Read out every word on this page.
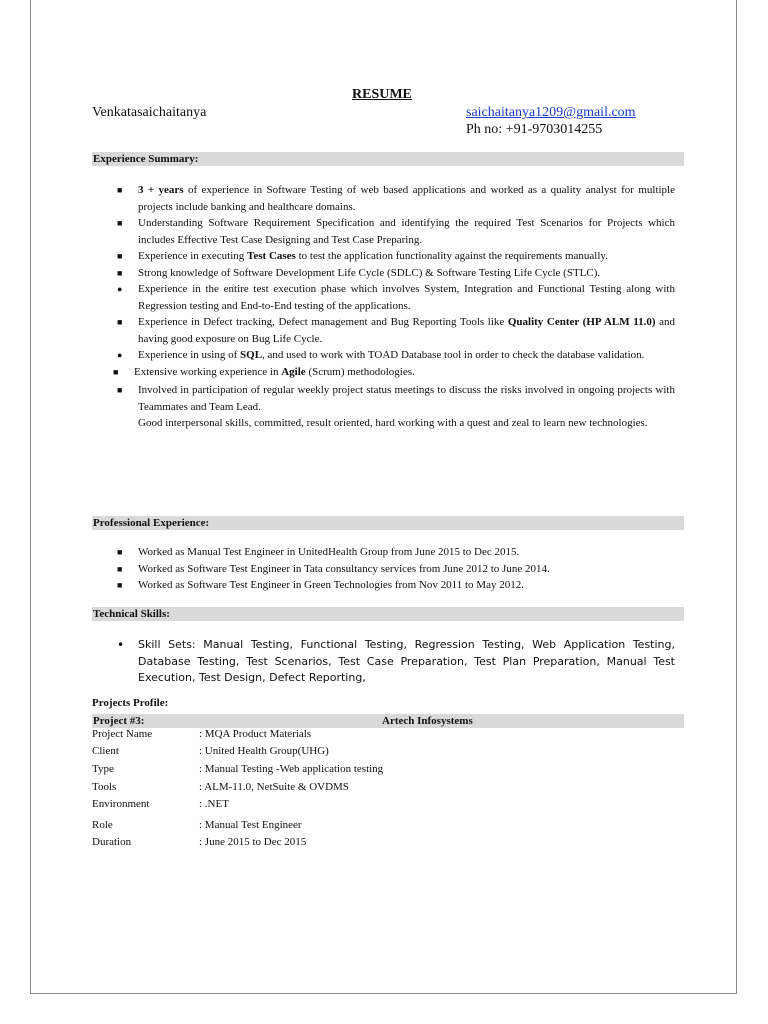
RESUME
Venkatasaichaitanya	saichaitanya1209@gmail.com
Ph no: +91-9703014255
Experience Summary:
■ 3 + years of experience in Software Testing of web based applications and worked as a quality analyst for multiple projects include banking and healthcare domains.
■ Understanding Software Requirement Specification and identifying the required Test Scenarios for Projects which includes Effective Test Case Designing and Test Case Preparing.
■ Experience in executing Test Cases to test the application functionality against the requirements manually.
■ Strong knowledge of Software Development Life Cycle (SDLC) & Software Testing Life Cycle (STLC).
● Experience in the entire test execution phase which involves System, Integration and Functional Testing along with Regression testing and End-to-End testing of the applications.
■ Experience in Defect tracking, Defect management and Bug Reporting Tools like Quality Center (HP ALM 11.0) and having good exposure on Bug Life Cycle.
● Experience in using of SQL, and used to work with TOAD Database tool in order to check the database validation.
■ Extensive working experience in Agile (Scrum) methodologies.
■ Involved in participation of regular weekly project status meetings to discuss the risks involved in ongoing projects with Teammates and Team Lead.
Good interpersonal skills, committed, result oriented, hard working with a quest and zeal to learn new technologies.
Professional Experience:
■ Worked as Manual Test Engineer in UnitedHealth Group from June 2015 to Dec 2015.
■ Worked as Software Test Engineer in Tata consultancy services from June 2012 to June 2014.
■ Worked as Software Test Engineer in Green Technologies from Nov 2011 to May 2012.
Technical Skills:
• Skill Sets: Manual Testing, Functional Testing, Regression Testing, Web Application Testing, Database Testing, Test Scenarios, Test Case Preparation, Test Plan Preparation, Manual Test Execution, Test Design, Defect Reporting,
Projects Profile:
Project #3:	Artech Infosystems
Project Name	: MQA Product Materials
Client	: United Health Group(UHG)
Type	: Manual Testing -Web application testing
Tools	: ALM-11.0, NetSuite & OVDMS
Environment	: .NET
Role	: Manual Test Engineer
Duration	: June 2015 to Dec 2015
